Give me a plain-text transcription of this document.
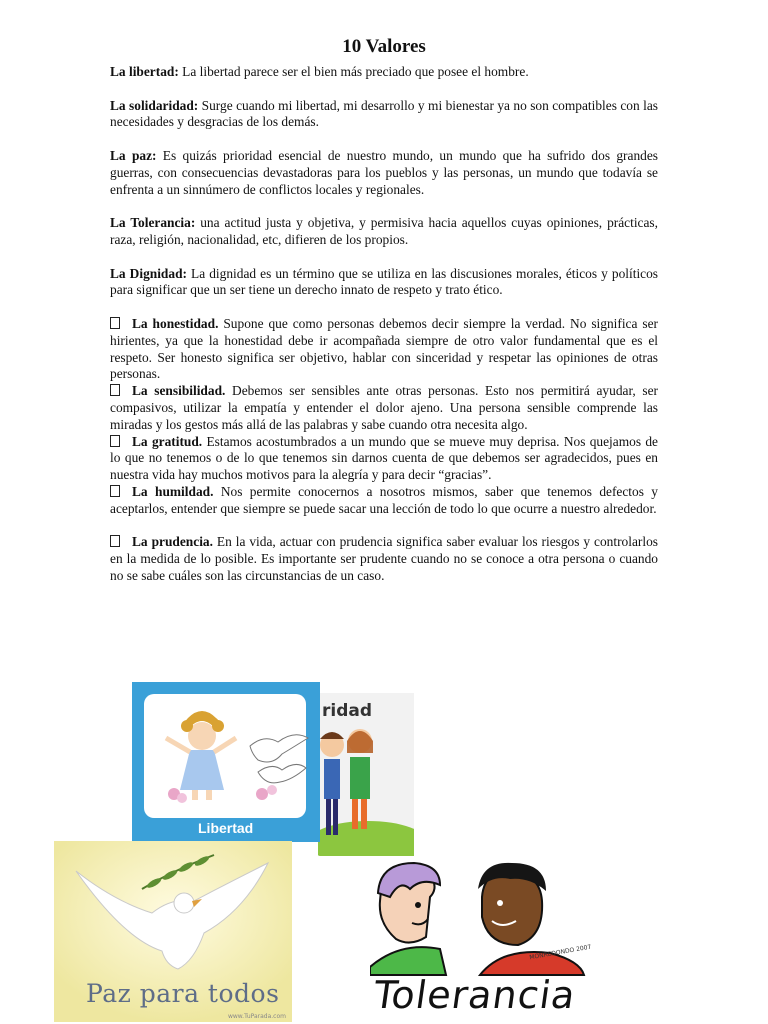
10 Valores

La libertad: La libertad parece ser el bien más preciado que posee el hombre.

La solidaridad: Surge cuando mi libertad, mi desarrollo y mi bienestar ya no son compatibles con las necesidades y desgracias de los demás.

La paz: Es quizás prioridad esencial de nuestro mundo, un mundo que ha sufrido dos grandes guerras, con consecuencias devastadoras para los pueblos y las personas, un mundo que todavía se enfrenta a un sinnúmero de conflictos locales y regionales.

La Tolerancia: una actitud justa y objetiva, y permisiva hacia aquellos cuyas opiniones, prácticas, raza, religión, nacionalidad, etc, difieren de los propios.

La Dignidad: La dignidad es un término que se utiliza en las discusiones morales, éticos y políticos para significar que un ser tiene un derecho innato de respeto y trato ético.

La honestidad. Supone que como personas debemos decir siempre la verdad. No significa ser hirientes, ya que la honestidad debe ir acompañada siempre de otro valor fundamental que es el respeto. Ser honesto significa ser objetivo, hablar con sinceridad y respetar las opiniones de otras personas.

La sensibilidad. Debemos ser sensibles ante otras personas. Esto nos permitirá ayudar, ser compasivos, utilizar la empatía y entender el dolor ajeno. Una persona sensible comprende las miradas y los gestos más allá de las palabras y sabe cuando otra necesita algo.

La gratitud. Estamos acostumbrados a un mundo que se mueve muy deprisa. Nos quejamos de lo que no tenemos o de lo que tenemos sin darnos cuenta de que debemos ser agradecidos, pues en nuestra vida hay muchos motivos para la alegría y para decir “gracias”.

La humildad. Nos permite conocernos a nosotros mismos, saber que tenemos defectos y aceptarlos, entender que siempre se puede sacar una lección de todo lo que ocurre a nuestro alrededor.

La prudencia. En la vida, actuar con prudencia significa saber evaluar los riesgos y controlarlos en la medida de lo posible. Es importante ser prudente cuando no se conoce a otra persona o cuando no se sabe cuáles son las circunstancias de un caso.

ridad
Libertad
Paz para todos
www.TuParada.com
MONREDONDO 2007
Tolerancia
